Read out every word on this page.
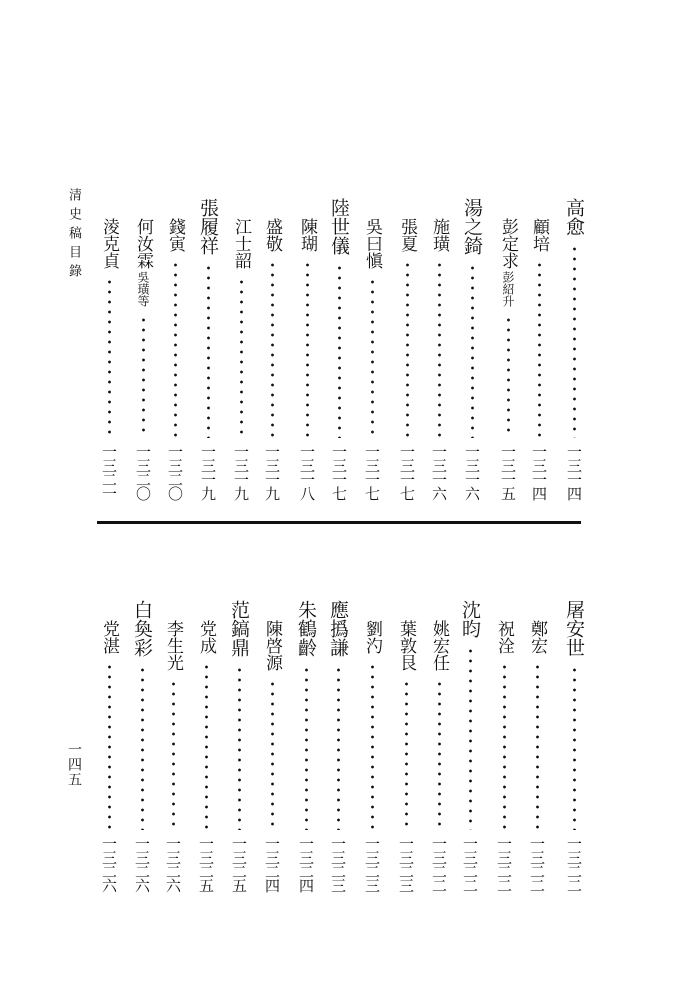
清史稿目錄
一四五
高愈
一三一四
顧培
一三一四
彭定求
彭紹升
一三一五
湯之錡
一三一六
施璜
一三一六
張夏
一三一七
吳曰愼
一三一七
陸世儀
一三一七
陳瑚
一三一八
盛敬
一三一九
江士韶
一三一九
張履祥
一三一九
錢寅
一三二〇
何汝霖
吳璜等
一三二〇
淩克貞
一三二一
屠安世
一三二二
鄭宏
一三二二
祝洤
一三二二
沈昀
一三二二
姚宏任
一三二二
葉敦艮
一三二三
劉汋
一三二三
應撝謙
一三二三
朱鶴齡
一三二四
陳啓源
一三二四
范鎬鼎
一三二五
党成
一三二五
李生光
一三二六
白奐彩
一三二六
党湛
一三二六
